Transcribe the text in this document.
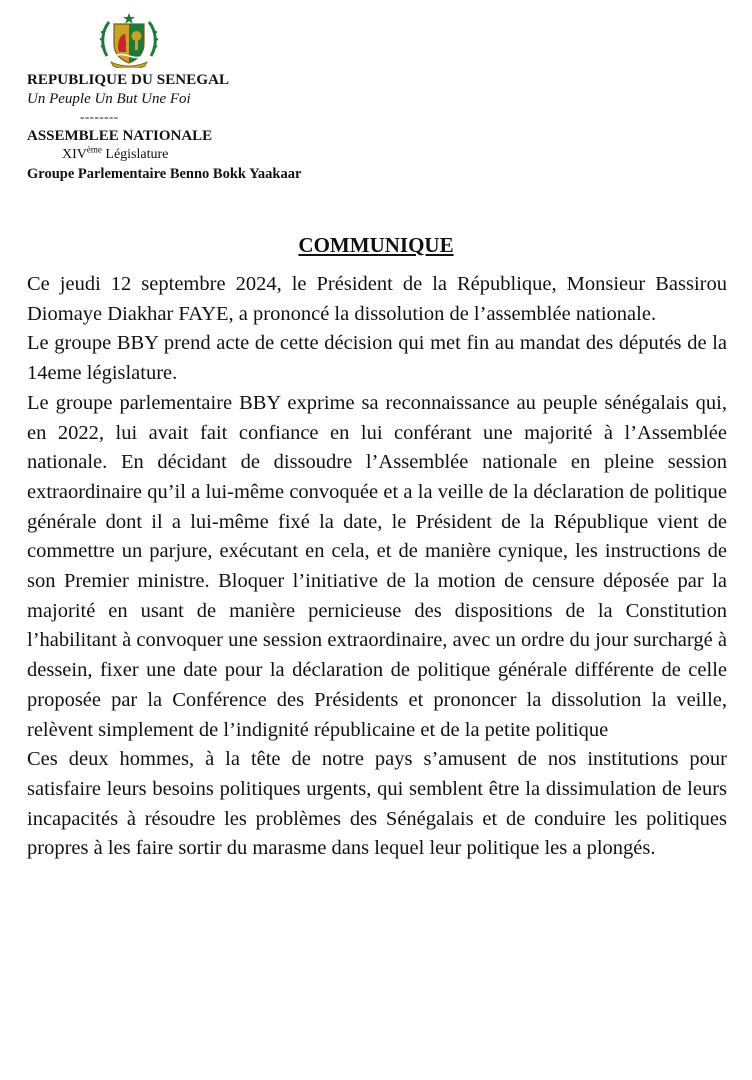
REPUBLIQUE DU SENEGAL

Un Peuple Un But Une Foi

--------

ASSEMBLEE NATIONALE

XIVème Législature

Groupe Parlementaire Benno Bokk Yaakaar

COMMUNIQUE

Ce jeudi 12 septembre 2024, le Président de la République, Monsieur Bassirou Diomaye Diakhar FAYE, a prononcé la dissolution de l’assemblée nationale.

Le groupe BBY prend acte de cette décision qui met fin au mandat des députés de la 14eme législature.

Le groupe parlementaire BBY exprime sa reconnaissance au peuple sénégalais qui, en 2022, lui avait fait confiance en lui conférant une majorité à l’Assemblée nationale. En décidant de dissoudre l’Assemblée nationale en pleine session extraordinaire qu’il a lui-même convoquée et a la veille de la déclaration de politique générale dont il a lui-même fixé la date, le Président de la République vient de commettre un parjure, exécutant en cela, et de manière cynique, les instructions de son Premier ministre. Bloquer l’initiative de la motion de censure déposée par la majorité en usant de manière pernicieuse des dispositions de la Constitution l’habilitant à convoquer une session extraordinaire, avec un ordre du jour surchargé à dessein, fixer une date pour la déclaration de politique générale différente de celle proposée par la Conférence des Présidents et prononcer la dissolution la veille, relèvent simplement de l’indignité républicaine et de la petite politique

Ces deux hommes, à la tête de notre pays s’amusent de nos institutions pour satisfaire leurs besoins politiques urgents, qui semblent être la dissimulation de leurs incapacités à résoudre les problèmes des Sénégalais et de conduire les politiques propres à les faire sortir du marasme dans lequel leur politique les a plongés.
